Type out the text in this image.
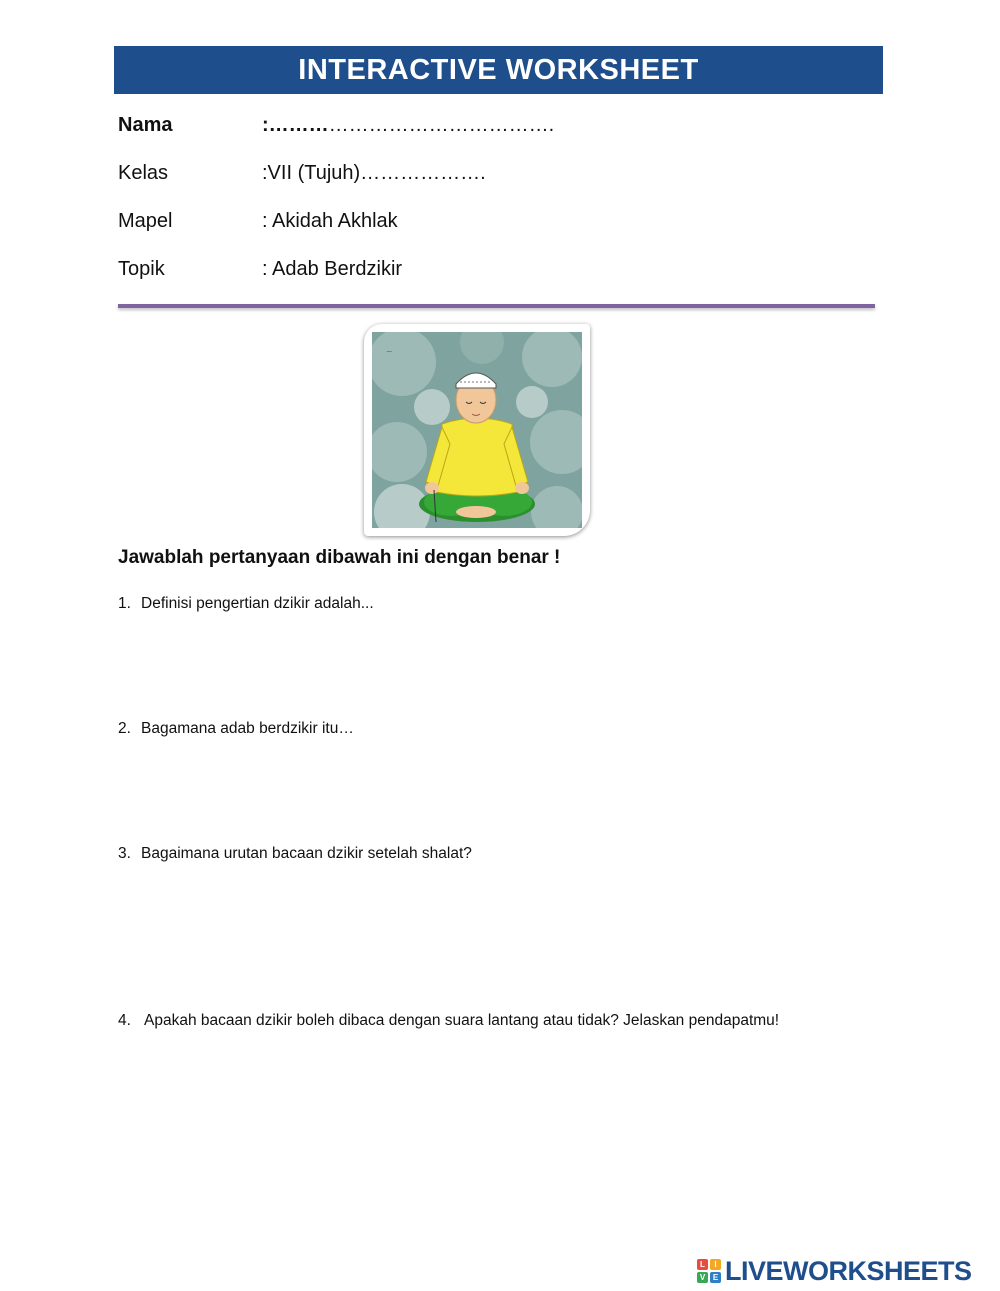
INTERACTIVE WORKSHEET
Nama	:…………………………………….
Kelas	:VII (Tujuh)……………….
Mapel	: Akidah Akhlak
Topik	: Adab Berdzikir
~
Jawablah pertanyaan dibawah ini dengan benar !
1. Definisi pengertian dzikir adalah...
2. Bagamana adab berdzikir itu…
3. Bagaimana urutan bacaan dzikir setelah shalat?
4. Apakah bacaan dzikir boleh dibaca dengan suara lantang atau tidak? Jelaskan pendapatmu!
L	I
V E LIVEWORKSHEETS
